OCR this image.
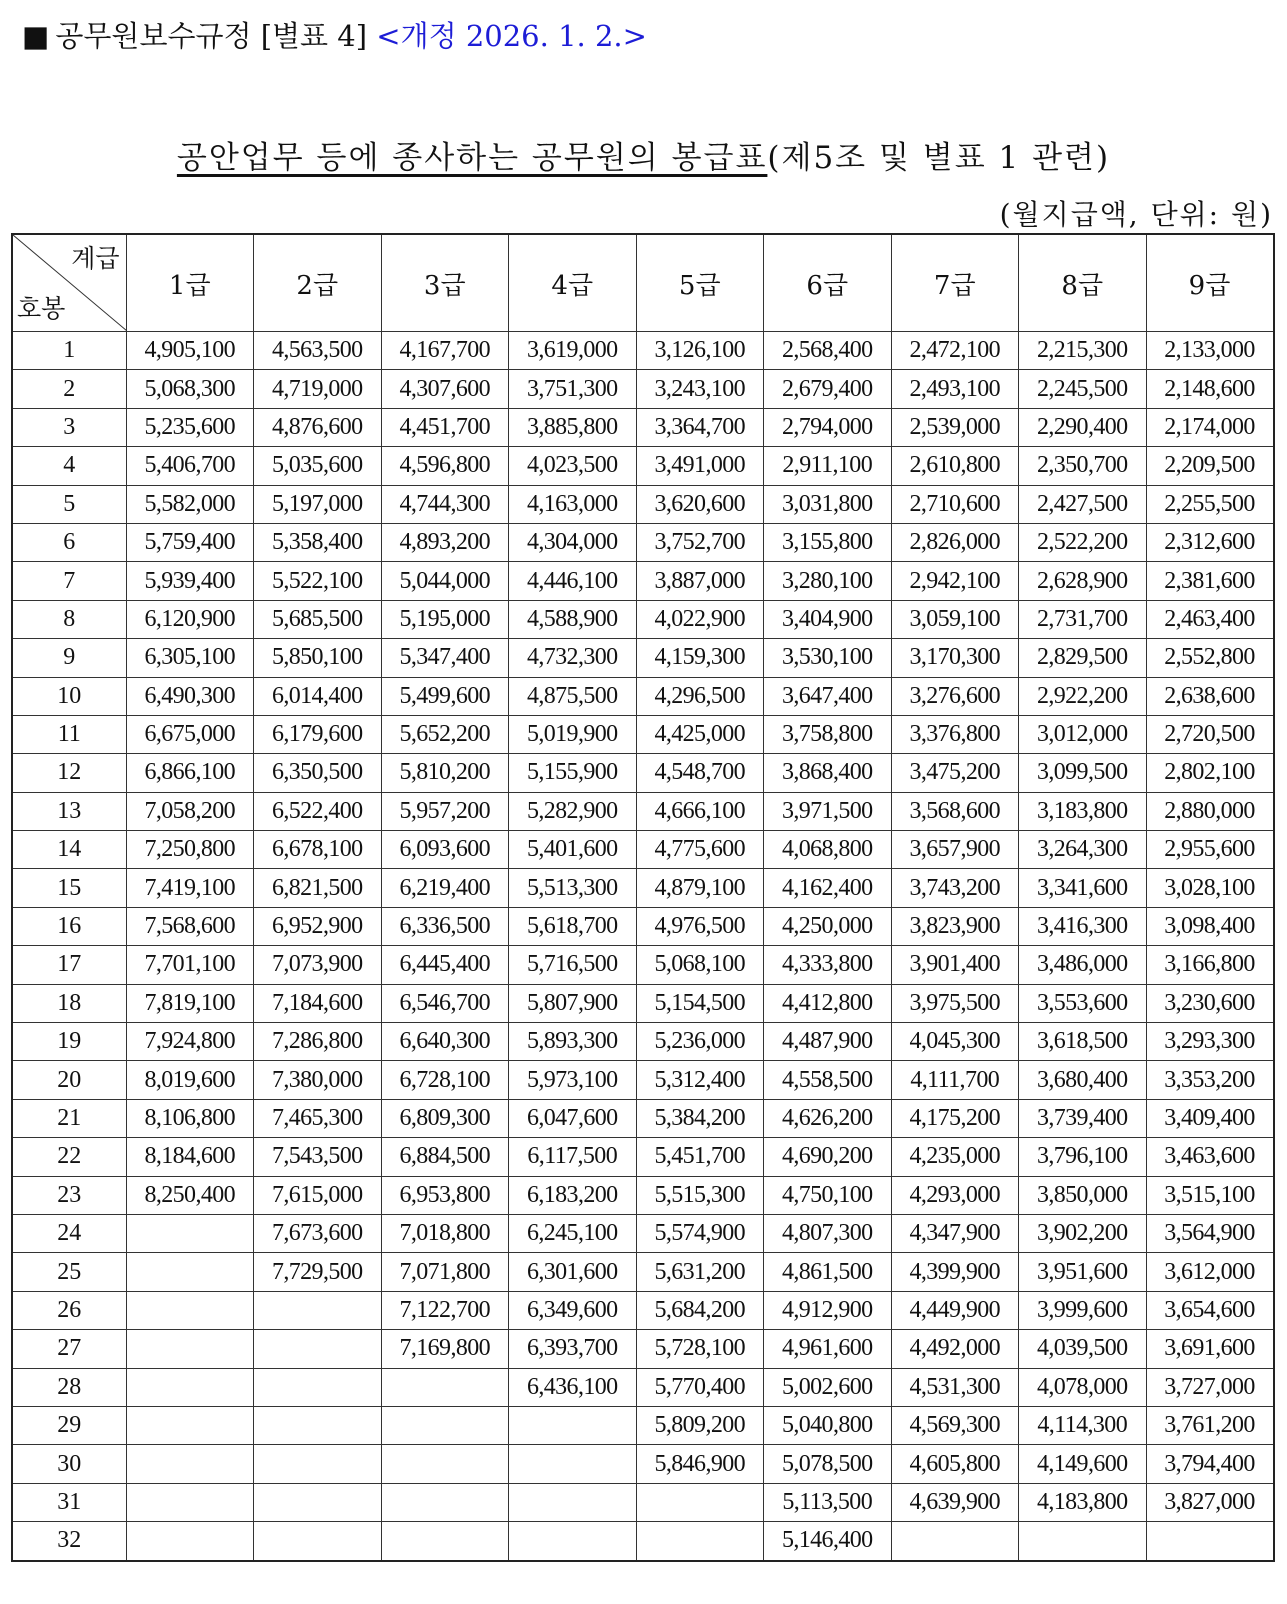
■ 공무원보수규정 [별표 4] <개정 2026. 1. 2.>
공안업무 등에 종사하는 공무원의 봉급표(제5조 및 별표 1 관련)
(월지급액, 단위: 원)
계급
호봉	1급	2급	3급	4급	5급	6급	7급	8급	9급
1	4,905,100	4,563,500	4,167,700	3,619,000	3,126,100	2,568,400	2,472,100	2,215,300	2,133,000
2	5,068,300	4,719,000	4,307,600	3,751,300	3,243,100	2,679,400	2,493,100	2,245,500	2,148,600
3	5,235,600	4,876,600	4,451,700	3,885,800	3,364,700	2,794,000	2,539,000	2,290,400	2,174,000
4	5,406,700	5,035,600	4,596,800	4,023,500	3,491,000	2,911,100	2,610,800	2,350,700	2,209,500
5	5,582,000	5,197,000	4,744,300	4,163,000	3,620,600	3,031,800	2,710,600	2,427,500	2,255,500
6	5,759,400	5,358,400	4,893,200	4,304,000	3,752,700	3,155,800	2,826,000	2,522,200	2,312,600
7	5,939,400	5,522,100	5,044,000	4,446,100	3,887,000	3,280,100	2,942,100	2,628,900	2,381,600
8	6,120,900	5,685,500	5,195,000	4,588,900	4,022,900	3,404,900	3,059,100	2,731,700	2,463,400
9	6,305,100	5,850,100	5,347,400	4,732,300	4,159,300	3,530,100	3,170,300	2,829,500	2,552,800
10	6,490,300	6,014,400	5,499,600	4,875,500	4,296,500	3,647,400	3,276,600	2,922,200	2,638,600
11	6,675,000	6,179,600	5,652,200	5,019,900	4,425,000	3,758,800	3,376,800	3,012,000	2,720,500
12	6,866,100	6,350,500	5,810,200	5,155,900	4,548,700	3,868,400	3,475,200	3,099,500	2,802,100
13	7,058,200	6,522,400	5,957,200	5,282,900	4,666,100	3,971,500	3,568,600	3,183,800	2,880,000
14	7,250,800	6,678,100	6,093,600	5,401,600	4,775,600	4,068,800	3,657,900	3,264,300	2,955,600
15	7,419,100	6,821,500	6,219,400	5,513,300	4,879,100	4,162,400	3,743,200	3,341,600	3,028,100
16	7,568,600	6,952,900	6,336,500	5,618,700	4,976,500	4,250,000	3,823,900	3,416,300	3,098,400
17	7,701,100	7,073,900	6,445,400	5,716,500	5,068,100	4,333,800	3,901,400	3,486,000	3,166,800
18	7,819,100	7,184,600	6,546,700	5,807,900	5,154,500	4,412,800	3,975,500	3,553,600	3,230,600
19	7,924,800	7,286,800	6,640,300	5,893,300	5,236,000	4,487,900	4,045,300	3,618,500	3,293,300
20	8,019,600	7,380,000	6,728,100	5,973,100	5,312,400	4,558,500	4,111,700	3,680,400	3,353,200
21	8,106,800	7,465,300	6,809,300	6,047,600	5,384,200	4,626,200	4,175,200	3,739,400	3,409,400
22	8,184,600	7,543,500	6,884,500	6,117,500	5,451,700	4,690,200	4,235,000	3,796,100	3,463,600
23	8,250,400	7,615,000	6,953,800	6,183,200	5,515,300	4,750,100	4,293,000	3,850,000	3,515,100
24		7,673,600	7,018,800	6,245,100	5,574,900	4,807,300	4,347,900	3,902,200	3,564,900
25		7,729,500	7,071,800	6,301,600	5,631,200	4,861,500	4,399,900	3,951,600	3,612,000
26			7,122,700	6,349,600	5,684,200	4,912,900	4,449,900	3,999,600	3,654,600
27			7,169,800	6,393,700	5,728,100	4,961,600	4,492,000	4,039,500	3,691,600
28				6,436,100	5,770,400	5,002,600	4,531,300	4,078,000	3,727,000
29					5,809,200	5,040,800	4,569,300	4,114,300	3,761,200
30					5,846,900	5,078,500	4,605,800	4,149,600	3,794,400
31						5,113,500	4,639,900	4,183,800	3,827,000
32						5,146,400			
